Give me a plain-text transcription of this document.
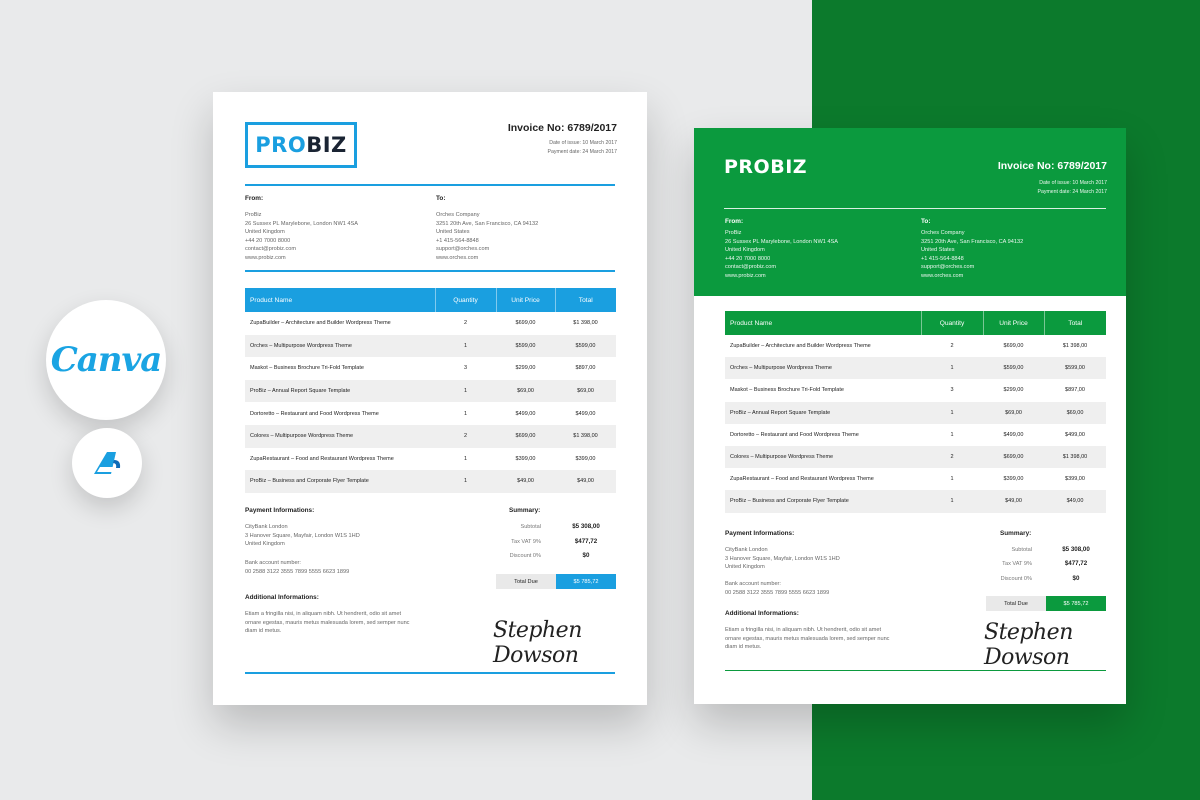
Canva
PRO BIZ
Invoice No: 6789/2017
Date of issue: 10 March 2017
Payment date: 24 March 2017
From:
ProBiz
26 Sussex PL Marylebone, London NW1 4SA
United Kingdom
+44 20 7000 8000
contact@probiz.com
www.probiz.com
To:
Orches Company
3251 20th Ave, San Francisco, CA 94132
United States
+1 415-564-8848
support@orches.com
www.orches.com
Product Name	Quantity	Unit Price	Total
ZupaBuilder – Architecture and Builder Wordpress Theme	2	$699,00	$1 398,00
Orches – Multipurpose Wordpress Theme	1	$599,00	$599,00
Maskot – Business Brochure Tri-Fold Template	3	$299,00	$897,00
ProBiz – Annual Report Square Template	1	$69,00	$69,00
Dortoretto – Restaurant and Food Wordpress Theme	1	$499,00	$499,00
Colores – Multipurpose Wordpress Theme	2	$699,00	$1 398,00
ZupaRestaurant – Food and Restaurant Wordpress Theme	1	$399,00	$399,00
ProBiz – Business and Corporate Flyer Template	1	$49,00	$49,00
Payment Informations:
CityBank London
3 Hanover Square, Mayfair, London W1S 1HD
United Kingdom
Bank account number:
00 2588 3122 3555 7899 5555 6623 1899
Summary:
Subtotal	$5 308,00
Tax VAT 9%	$477,72
Discount 0%	$0
Total Due	$5 785,72
Additional Informations:
Etiam a fringilla nisi, in aliquam nibh. Ut hendrerit, odio sit amet
ornare egestas, mauris metus malesuada lorem, sed semper nunc
diam id metus.	Stephen Dowson
PROBIZ	Invoice No: 6789/2017
Date of issue: 10 March 2017
Payment date: 24 March 2017
From:
ProBiz
26 Sussex PL Marylebone, London NW1 4SA
United Kingdom
+44 20 7000 8000
contact@probiz.com
www.probiz.com
To:
Orches Company
3251 20th Ave, San Francisco, CA 94132
United States
+1 415-564-8848
support@orches.com
www.orches.com
Product Name	Quantity	Unit Price	Total
ZupaBuilder – Architecture and Builder Wordpress Theme	2	$699,00	$1 398,00
Orches – Multipurpose Wordpress Theme	1	$599,00	$599,00
Maskot – Business Brochure Tri-Fold Template	3	$299,00	$897,00
ProBiz – Annual Report Square Template	1	$69,00	$69,00
Dortoretto – Restaurant and Food Wordpress Theme	1	$499,00	$499,00
Colores – Multipurpose Wordpress Theme	2	$699,00	$1 398,00
ZupaRestaurant – Food and Restaurant Wordpress Theme	1	$399,00	$399,00
ProBiz – Business and Corporate Flyer Template	1	$49,00	$49,00
Payment Informations:
CityBank London
3 Hanover Square, Mayfair, London W1S 1HD
United Kingdom
Bank account number:
00 2588 3122 3555 7899 5555 6623 1899
Summary:
Subtotal	$5 308,00
Tax VAT 9%	$477,72
Discount 0%	$0
Total Due	$5 785,72
Additional Informations:
Etiam a fringilla nisi, in aliquam nibh. Ut hendrerit, odio sit amet
ornare egestas, mauris metus malesuada lorem, sed semper nunc
diam id metus.
Stephen Dowson
